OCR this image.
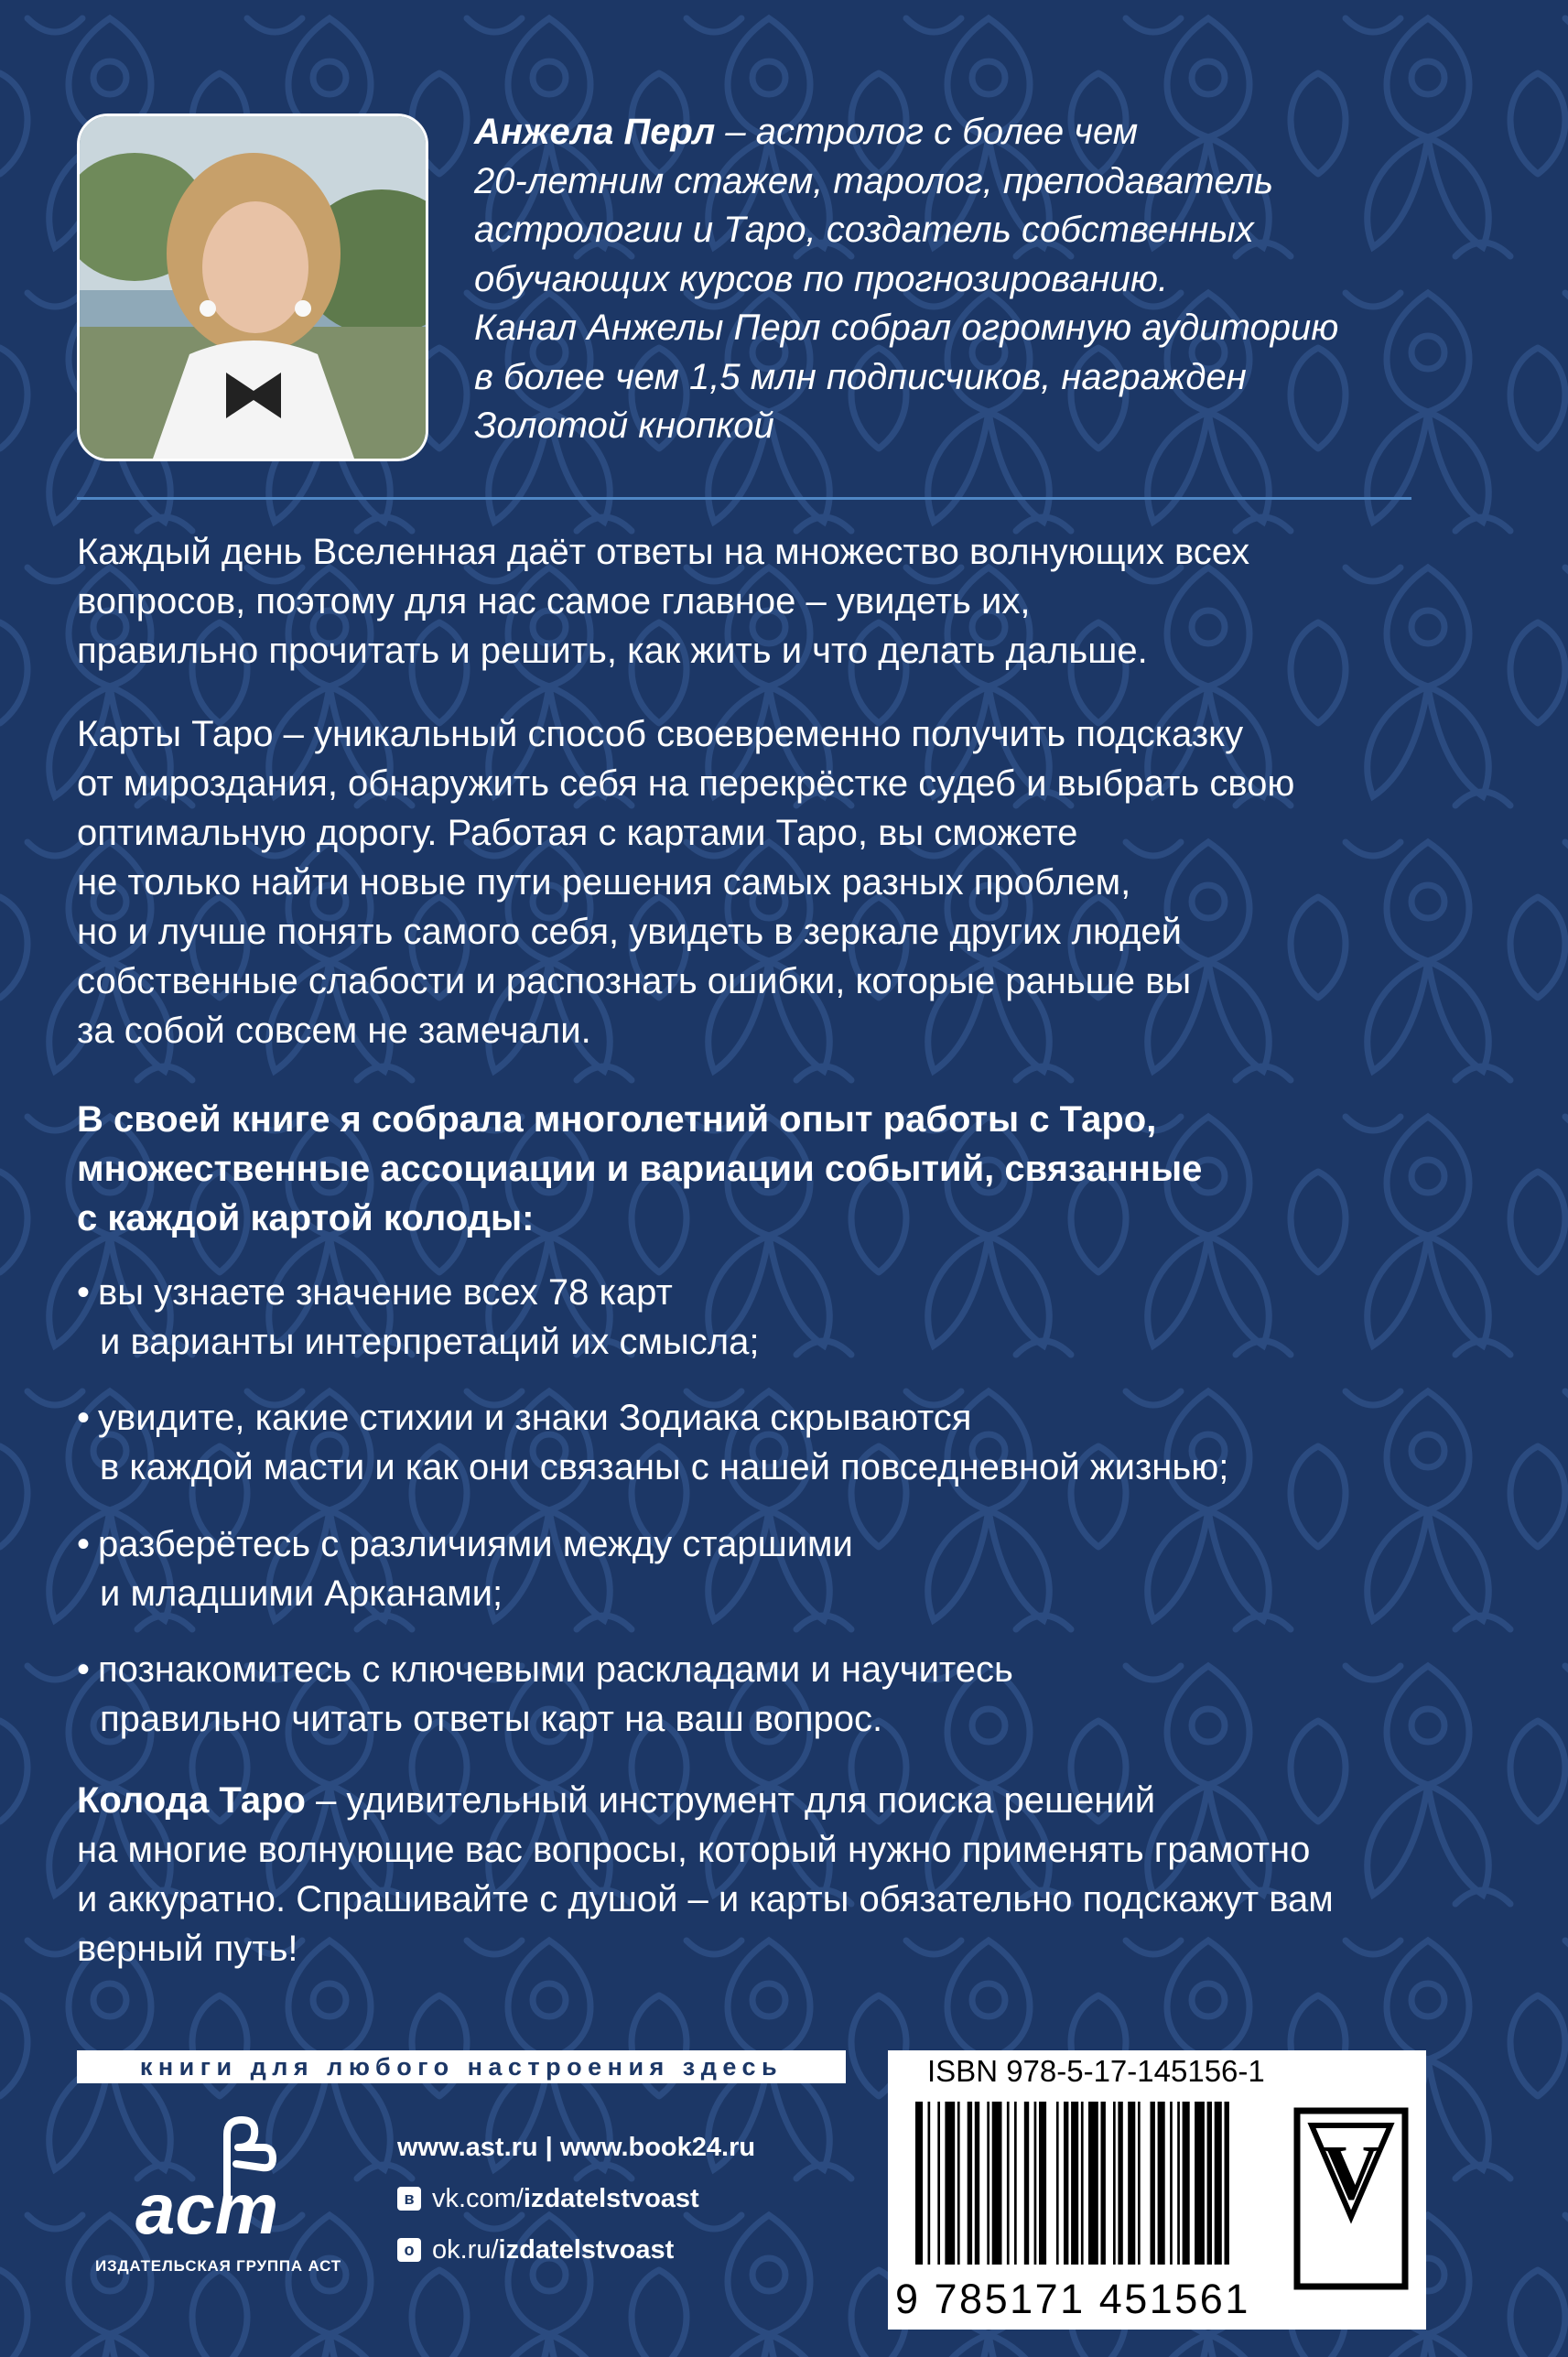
Анжела Перл – астролог с более чем
20-летним стажем, таролог, преподаватель
астрологии и Таро, создатель собственных
обучающих курсов по прогнозированию.
Канал Анжелы Перл собрал огромную аудиторию
в более чем 1,5 млн подписчиков, награжден
Золотой кнопкой

Каждый день Вселенная даёт ответы на множество волнующих всех

вопросов, поэтому для нас самое главное – увидеть их,

правильно прочитать и решить, как жить и что делать дальше.

Карты Таро – уникальный способ своевременно получить подсказку

от мироздания, обнаружить себя на перекрёстке судеб и выбрать свою

оптимальную дорогу. Работая с картами Таро, вы сможете

не только найти новые пути решения самых разных проблем,

но и лучше понять самого себя, увидеть в зеркале других людей

собственные слабости и распознать ошибки, которые раньше вы

за собой совсем не замечали.

В своей книге я собрала многолетний опыт работы с Таро,

множественные ассоциации и вариации событий, связанные

с каждой картой колоды:

• вы узнаете значение всех 78 карт

и варианты интерпретаций их смысла;

• увидите, какие стихии и знаки Зодиака скрываются

в каждой масти и как они связаны с нашей повседневной жизнью;

• разберётесь с различиями между старшими

и младшими Арканами;

• познакомитесь с ключевыми раскладами и научитесь

правильно читать ответы карт на ваш вопрос.

Колода Таро – удивительный инструмент для поиска решений

на многие волнующие вас вопросы, который нужно применять грамотно

и аккуратно. Спрашивайте с душой – и карты обязательно подскажут вам

верный путь!

книги для любого настроения здесь
аст
ИЗДАТЕЛЬСКАЯ ГРУППА АСТ
www.ast.ru | www.book24.ru
в vk.com/ izdatelstvoast
о ok.ru/ izdatelstvoast
ISBN 978-5-17-145156-1
9 785171 451561
V
